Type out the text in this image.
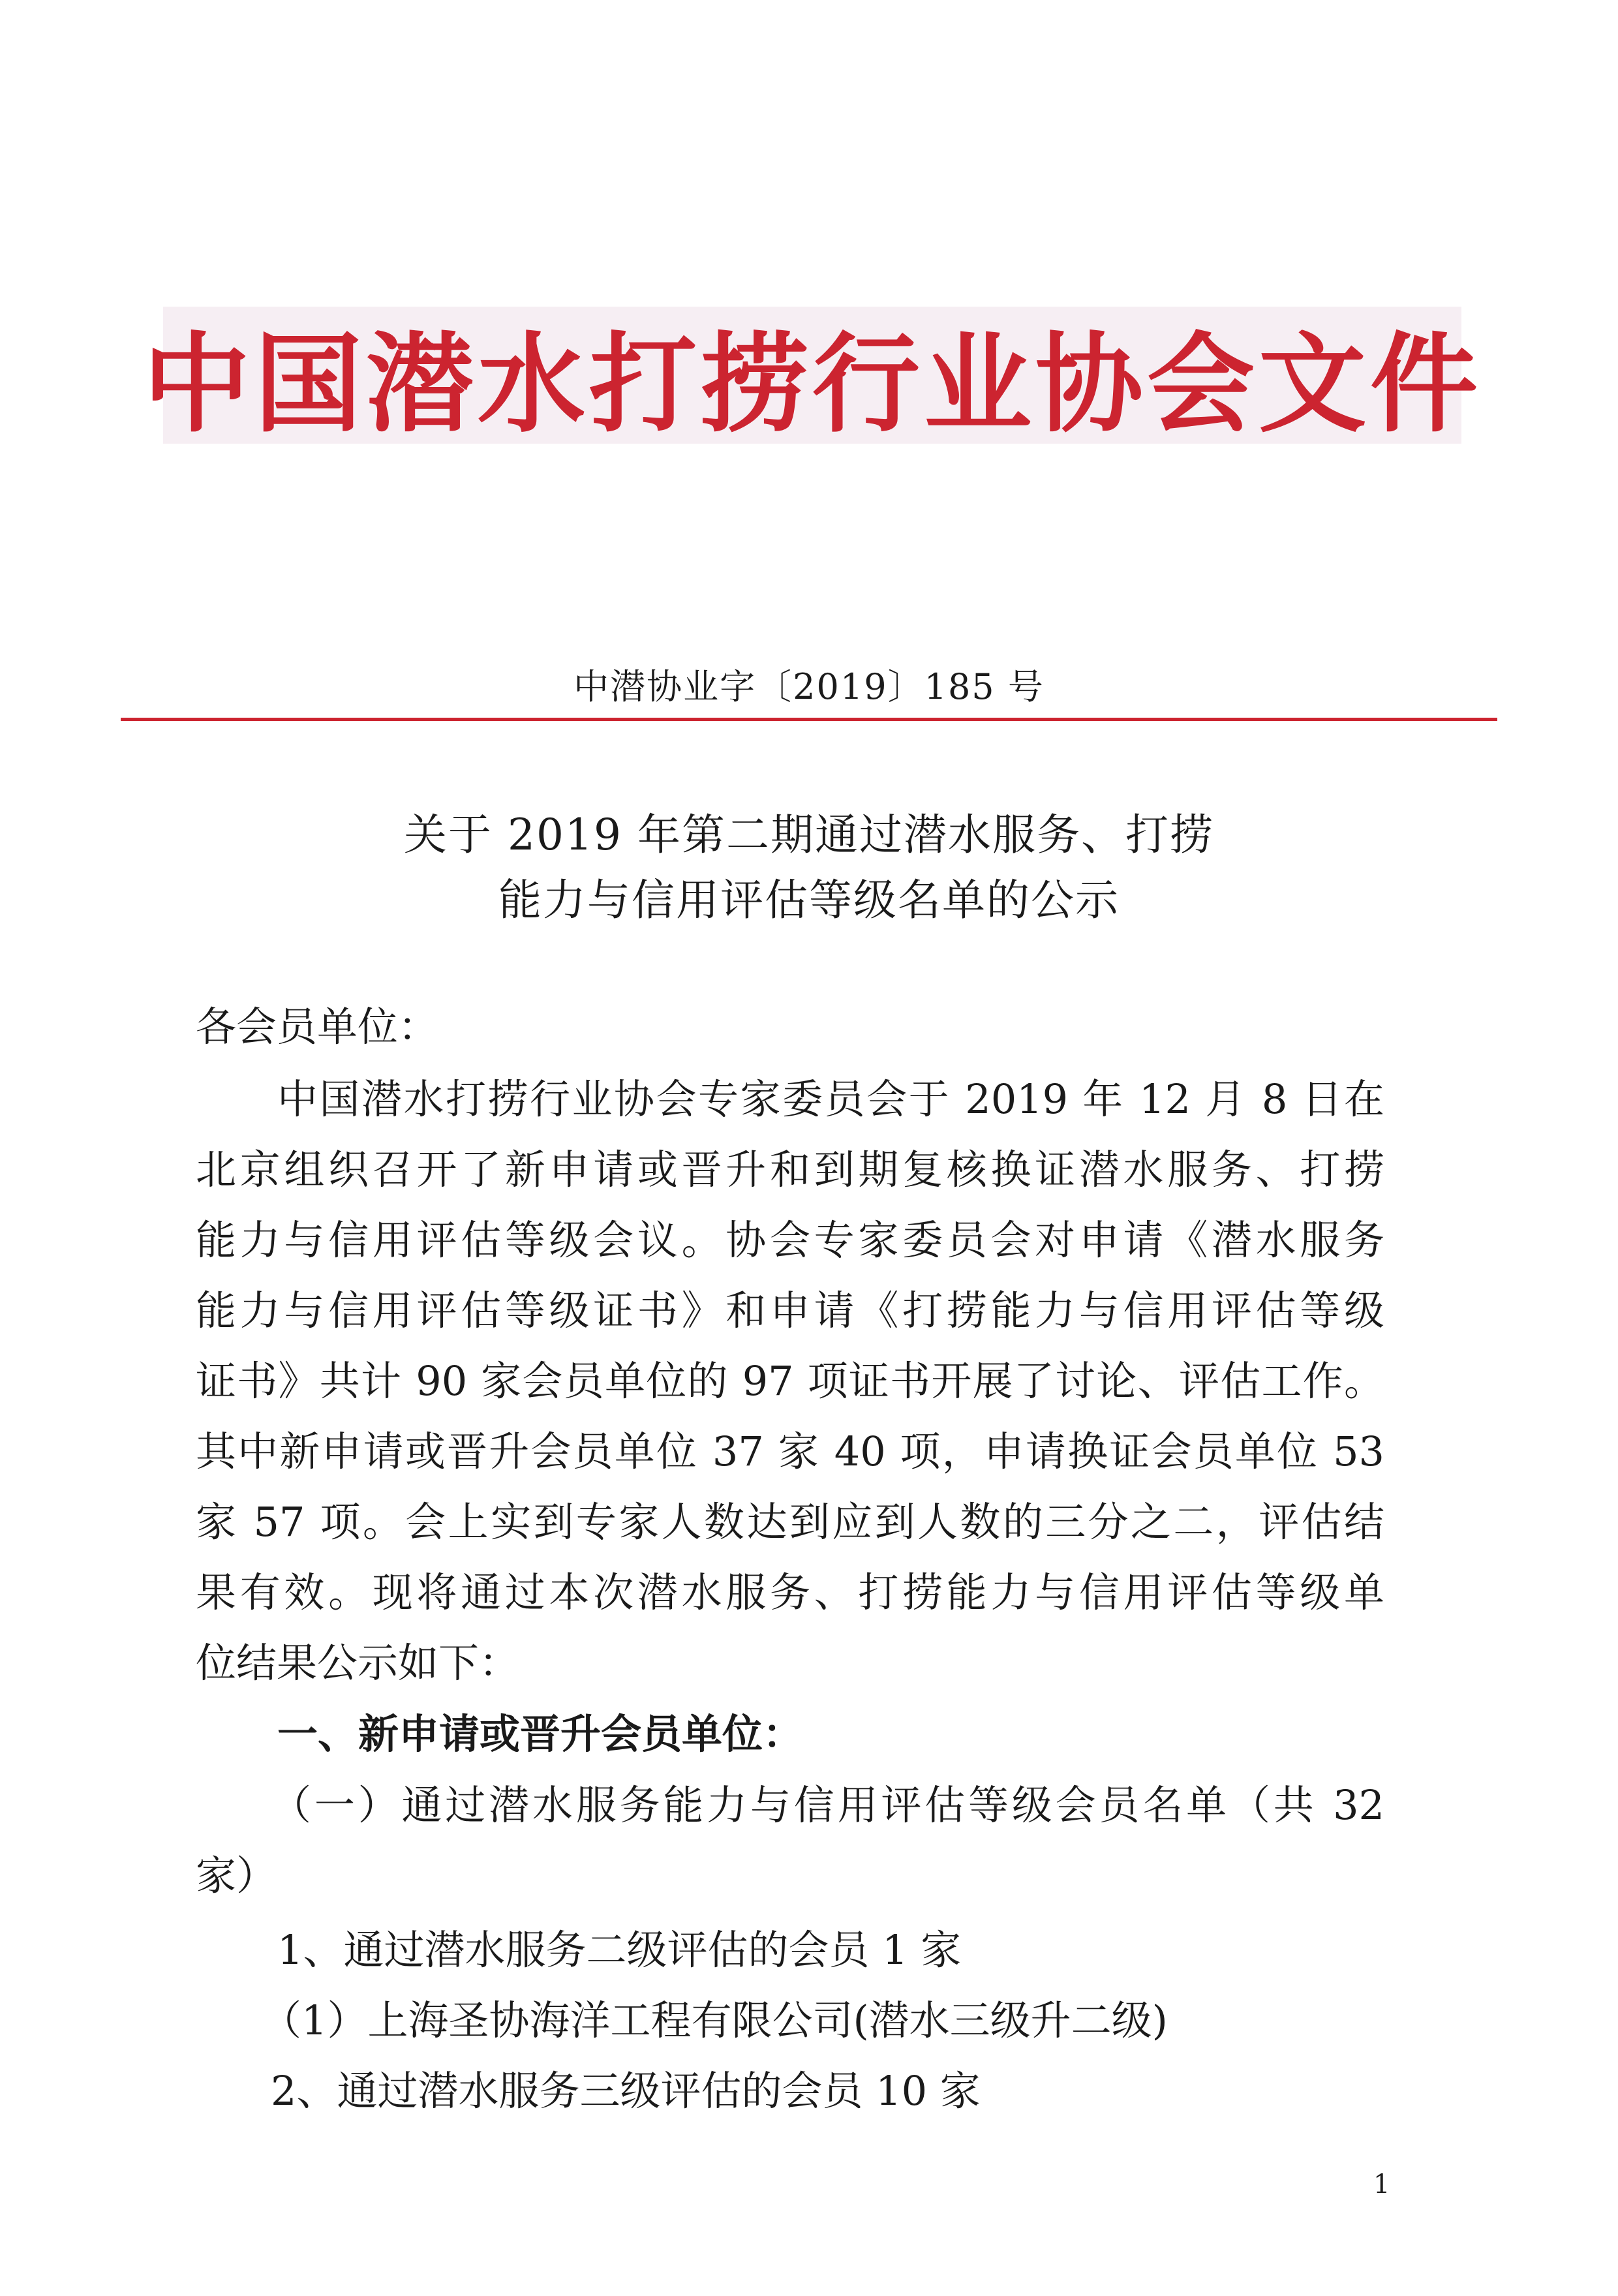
中国潜水打捞行业协会文件
中潜协业字〔2019〕185 号
关于 2019 年第二期通过潜水服务、打捞
能力与信用评估等级名单的公示
各会员单位：
中国潜水打捞行业协会专家委员会于 2019 年 12 月 8 日在
北京组织召开了新申请或晋升和到期复核换证潜水服务、打捞
能力与信用评估等级会议。协会专家委员会对申请《潜水服务
能力与信用评估等级证书》和申请《打捞能力与信用评估等级
证书》共计 90 家会员单位的 97 项证书开展了讨论、评估工作。
其中新申请或晋升会员单位 37 家 40 项，申请换证会员单位 53
家 57 项。会上实到专家人数达到应到人数的三分之二，评估结
果有效。现将通过本次潜水服务、打捞能力与信用评估等级单
位结果公示如下：
一、新申请或晋升会员单位：
（一）通过潜水服务能力与信用评估等级会员名单（共 32
家）
1、通过潜水服务二级评估的会员 1 家
（1）上海圣协海洋工程有限公司(潜水三级升二级)
2、通过潜水服务三级评估的会员 10 家
1
